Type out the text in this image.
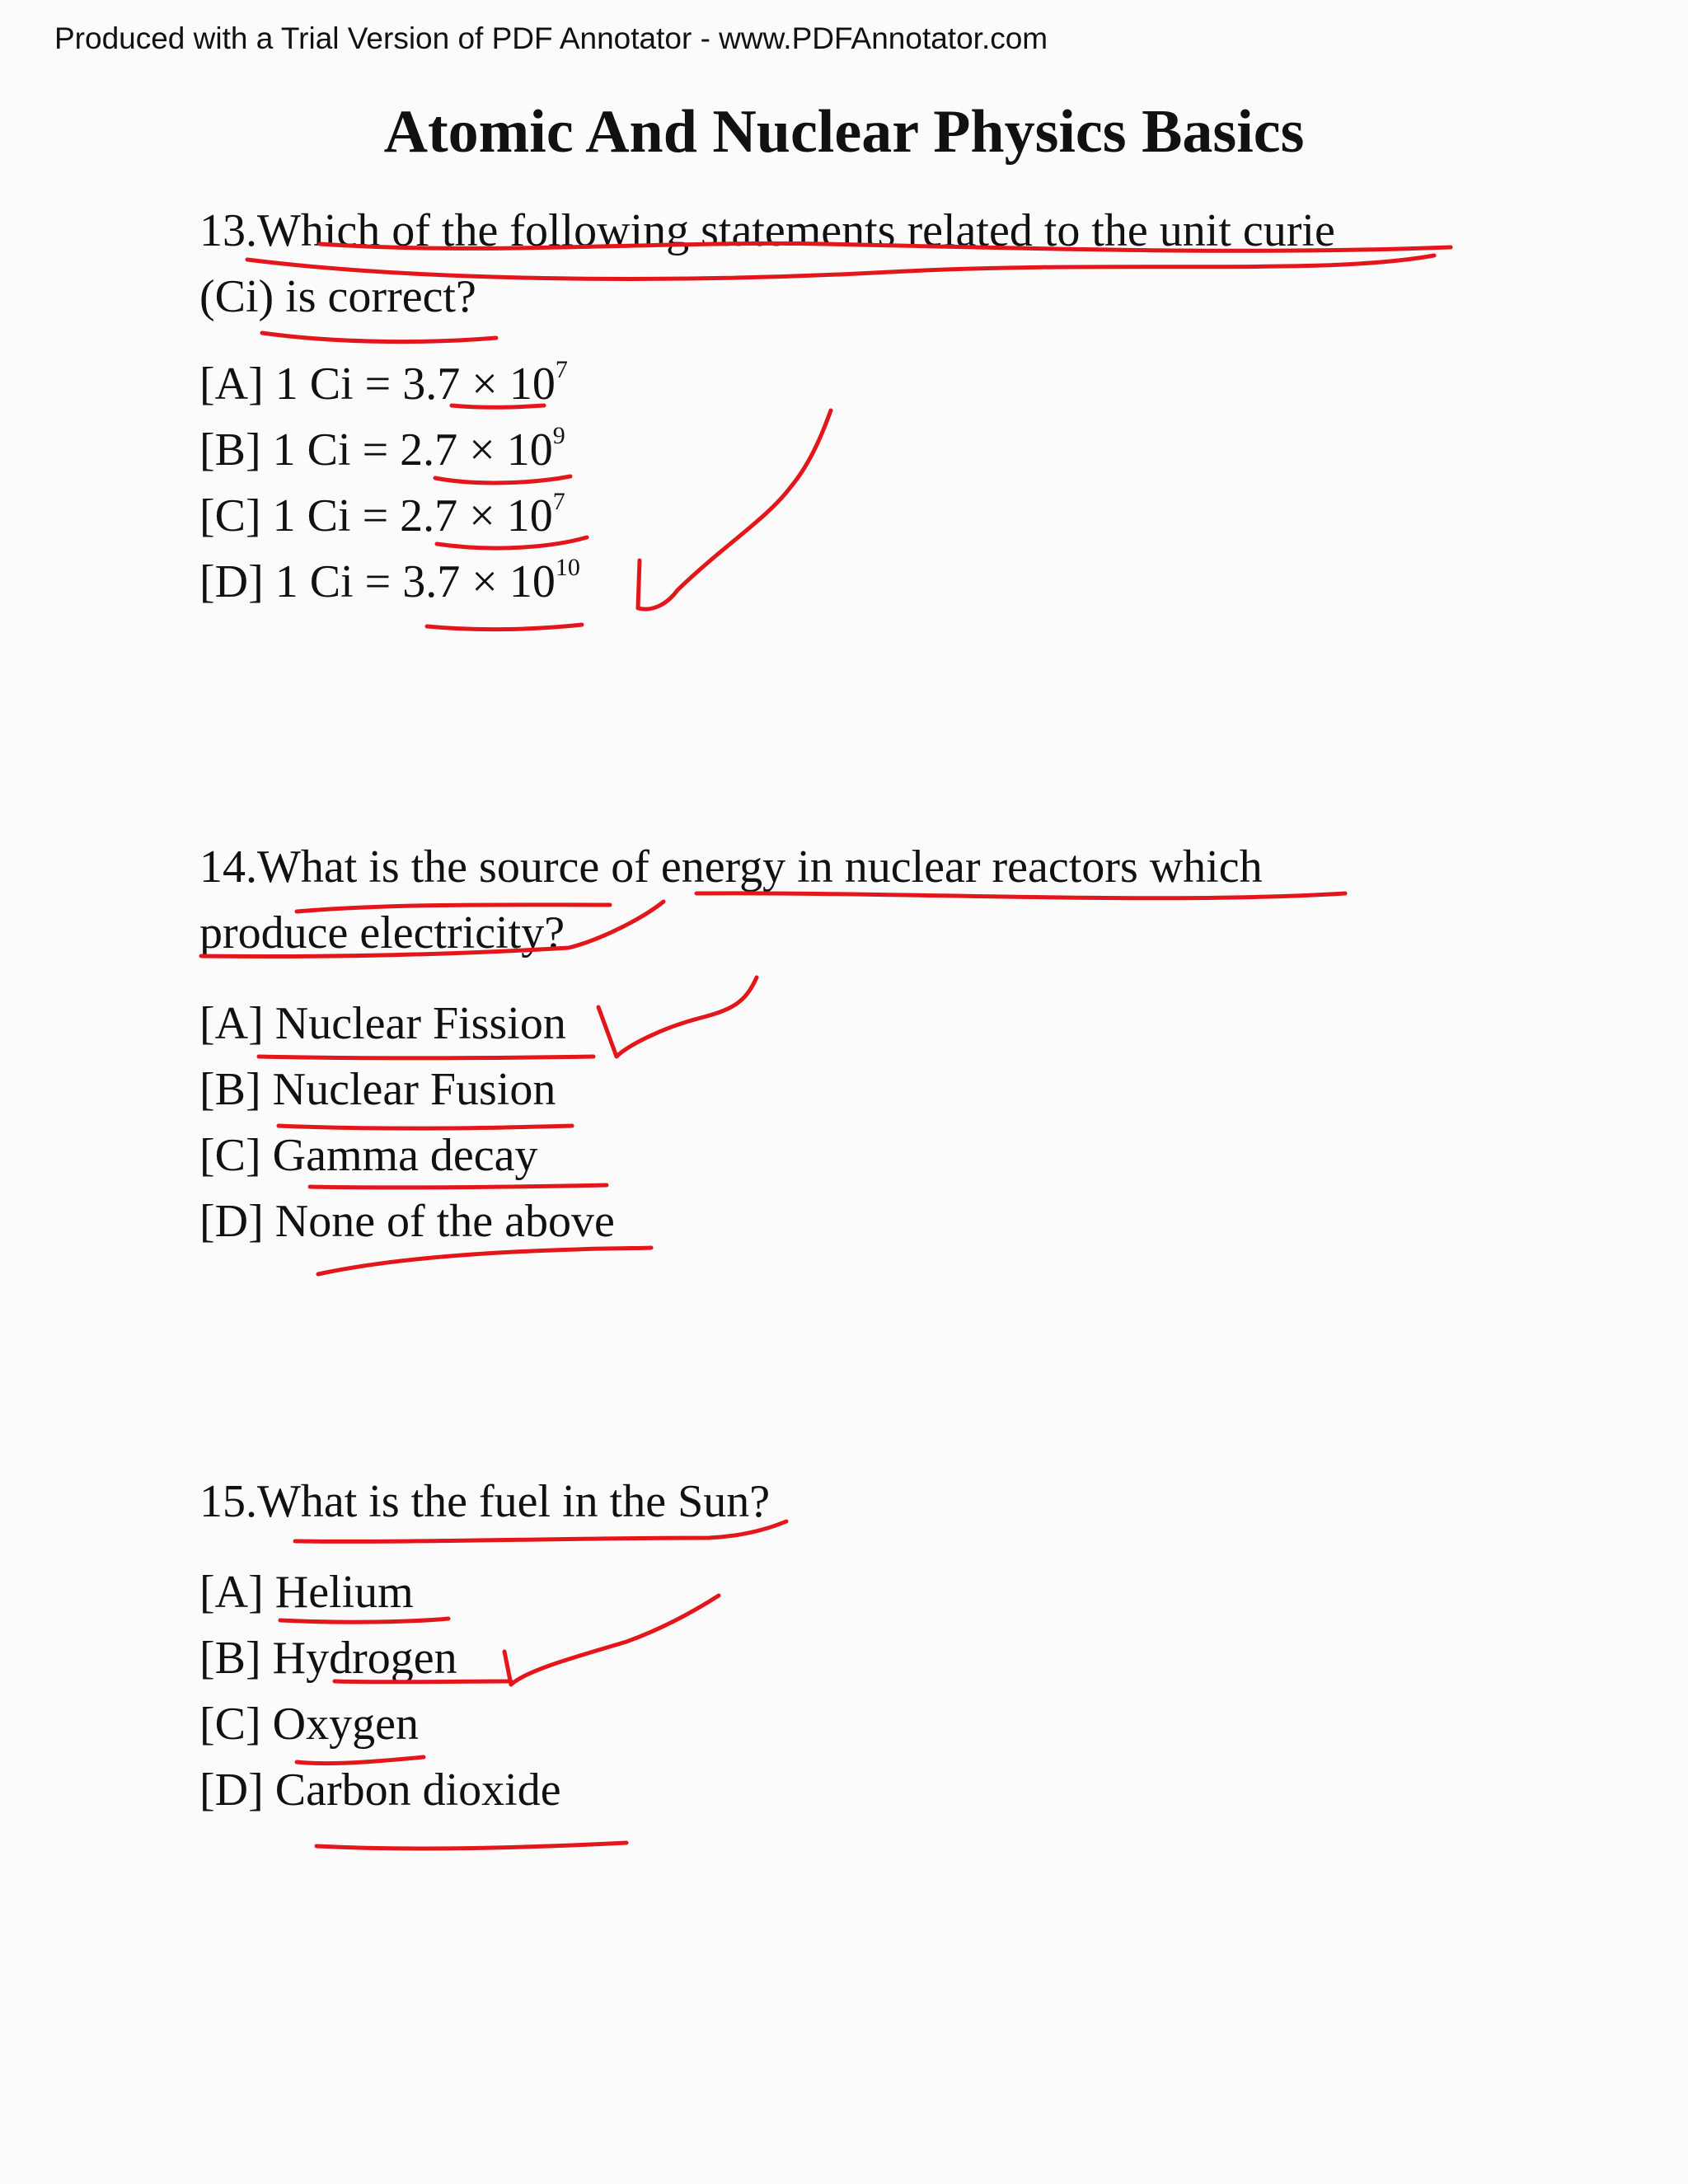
Produced with a Trial Version of PDF Annotator - www.PDFAnnotator.com
Atomic And Nuclear Physics Basics
13.Which of the following statements related to the unit curie
(Ci) is correct?
[A] 1 $Ci = 3.7 \times 10^7$
[B] 1 $Ci = 2.7 \times 10^9$
[C] 1 $Ci = 2.7 \times 10^7$
[D] 1 $Ci = 3.7 \times 10^{10}$
14.What is the source of energy in nuclear reactors which
produce electricity?
[A] Nuclear Fission
[B] Nuclear Fusion
[C] Gamma decay
[D] None of the above
15.What is the fuel in the Sun?
[A] Helium
[B] Hydrogen
[C] Oxygen
[D] Carbon dioxide
